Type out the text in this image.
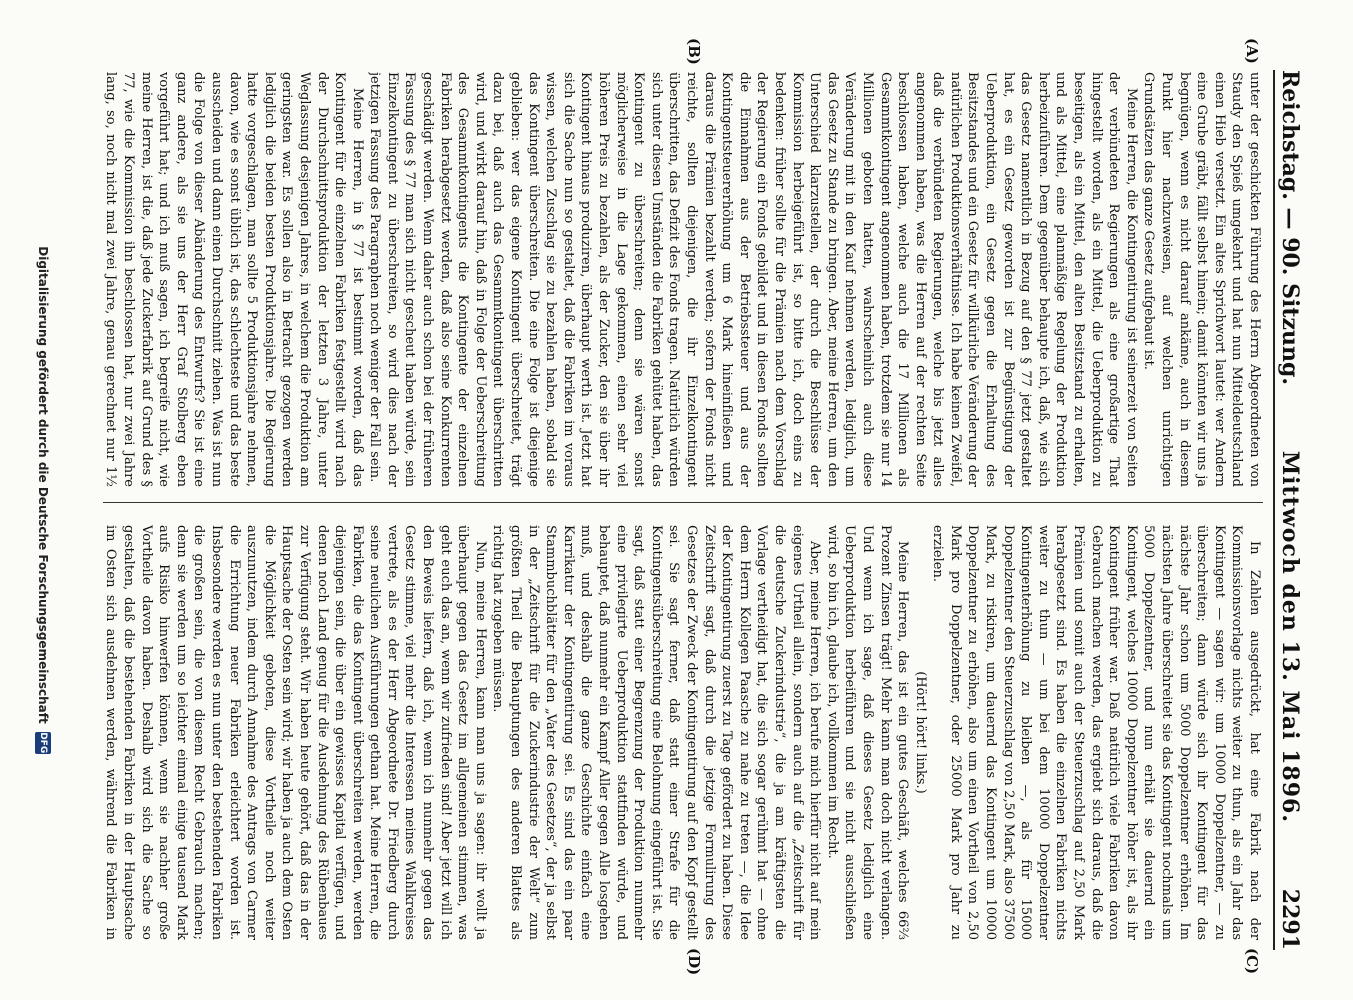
Reichstag. — 90. Sitzung.
Mittwoch den 13. Mai 1896.
2291
(A)
(B)
(C)
(D)

unter der geschickten Führung des Herrn Abgeordneten von Staudy den Spieß umgekehrt und hat nun Mitteldeutschland einen Hieb versetzt. Ein altes Sprichwort lautet: wer Andern eine Grube gräbt, fällt selbst hinein; damit könnten wir uns ja begnügen, wenn es nicht darauf ankäme, auch in diesem Punkt hier nachzuweisen, auf welchen unrichtigen Grundsätzen das ganze Gesetz aufgebaut ist.

Meine Herren, die Kontingentirung ist seinerzeit von Seiten der verbündeten Regierungen als eine großartige That hingestellt worden, als ein Mittel, die Ueberproduktion zu beseitigen, als ein Mittel, den alten Besitzstand zu erhalten, und als Mittel, eine planmäßige Regelung der Produktion herbeizuführen. Dem gegenüber behaupte ich, daß, wie sich das Gesetz namentlich in Bezug auf den § 77 jetzt gestaltet hat, es ein Gesetz geworden ist zur Begünstigung der Ueberproduktion, ein Gesetz gegen die Erhaltung des Besitzstandes und ein Gesetz für willkürliche Veränderung der natürlichen Produktionsverhältnisse. Ich habe keinen Zweifel, daß die verbündeten Regierungen, welche bis jetzt alles angenommen haben, was die Herren auf der rechten Seite beschlossen haben, welche auch die 17 Millionen als Gesammtkontingent angenommen haben, trotzdem sie nur 14 Millionen geboten hatten, wahrscheinlich auch diese Veränderung mit in den Kauf nehmen werden, lediglich, um das Gesetz zu Stande zu bringen. Aber, meine Herren, um den Unterschied klarzustellen, der durch die Beschlüsse der Kommission herbeigeführt ist, so bitte ich, doch eins zu bedenken: früher sollte für die Prämien nach dem Vorschlag der Regierung ein Fonds gebildet und in diesen Fonds sollten die Einnahmen aus der Betriebssteuer und aus der Kontingentsteuererhöhung um 6 Mark hineinfließen und daraus die Prämien bezahlt werden; sofern der Fonds nicht reichte, sollten diejenigen, die ihr Einzelkontingent überschritten, das Defizit des Fonds tragen. Natürlich würden sich unter diesen Umständen die Fabriken gehütet haben, das Kontingent zu überschreiten; denn sie wären sonst möglicherweise in die Lage gekommen, einen sehr viel höheren Preis zu bezahlen, als der Zucker, den sie über ihr Kontingent hinaus produziren, überhaupt werth ist. Jetzt hat sich die Sache nun so gestaltet, daß die Fabriken im voraus wissen, welchen Zuschlag sie zu bezahlen haben, sobald sie das Kontingent überschreiten. Die eine Folge ist diejenige geblieben: wer das eigene Kontingent überschreitet, trägt dazu bei, daß auch das Gesammtkontingent überschritten wird, und wirkt darauf hin, daß in Folge der Ueberschreitung des Gesammtkontingents die Kontingente der einzelnen Fabriken herabgesetzt werden, daß also seine Konkurrenten geschädigt werden. Wenn daher auch schon bei der früheren Fassung des § 77 man sich nicht gescheut haben würde, sein Einzelkontingent zu überschreiten, so wird dies nach der jetzigen Fassung des Paragraphen noch weniger der Fall sein.

Meine Herren, in § 77 ist bestimmt worden, daß das Kontingent für die einzelnen Fabriken festgestellt wird nach der Durchschnittsproduktion der letzten 3 Jahre, unter Weglassung desjenigen Jahres, in welchem die Produktion am geringsten war. Es sollen also in Betracht gezogen werden lediglich die beiden besten Produktionsjahre. Die Regierung hatte vorgeschlagen, man sollte 5 Produktionsjahre nehmen, davon, wie es sonst üblich ist, das schlechteste und das beste ausscheiden und dann einen Durchschnitt ziehen. Was ist nun die Folge von dieser Abänderung des Entwurfs? Sie ist eine ganz andere, als sie uns der Herr Graf Stolberg eben vorgeführt hat; und ich muß sagen, ich begreife nicht, wie meine Herren, ist die, daß jede Zuckerfabrik auf Grund des § 77, wie die Kommission ihn beschlossen hat, nur zwei Jahre lang, so, noch nicht mal zwei Jahre, genau gerechnet nur 1½

In Zahlen ausgedrückt, hat eine Fabrik nach der Kommissionsvorlage nichts weiter zu thun, als ein Jahr das Kontingent — sagen wir: um 10000 Doppelzentner, — zu überschreiten; dann würde sich ihr Kontingent für das nächste Jahr schon um 5000 Doppelzentner erhöhen. Im nächsten Jahre überschreitet sie das Kontingent nochmals um 5000 Doppelzentner, und nun erhält sie dauernd ein Kontingent, welches 10000 Doppelzentner höher ist, als ihr Kontingent früher war. Daß natürlich viele Fabriken davon Gebrauch machen werden, das ergiebt sich daraus, daß die Prämien und somit auch der Steuerzuschlag auf 2,50 Mark herabgesetzt sind. Es haben die einzelnen Fabriken nichts weiter zu thun — um bei dem 10000 Doppelzentner Kontingenterhöhung zu bleiben —, als für 15000 Doppelzentner den Steuerzuschlag von 2,50 Mark, also 37500 Mark, zu riskiren, um dauernd das Kontingent um 10000 Doppelzentner zu erhöhen, also um einen Vortheil von 2,50 Mark pro Doppelzentner, oder 25000 Mark pro Jahr zu erzielen.

(Hört! hört! links.)

Meine Herren, das ist ein gutes Geschäft, welches 66⅔ Prozent Zinsen trägt! Mehr kann man doch nicht verlangen. Und wenn ich sage, daß dieses Gesetz lediglich eine Ueberproduktion herbeiführen und sie nicht ausschließen wird, so bin ich, glaube ich, vollkommen im Recht.

Aber, meine Herren, ich berufe mich hierfür nicht auf mein eigenes Urtheil allein, sondern auch auf die „Zeitschrift für die deutsche Zuckerindustrie“, die ja am kräftigsten die Vorlage vertheidigt hat, die sich sogar gerühmt hat — ohne dem Herrn Kollegen Paasche zu nahe zu treten —, die Idee der Kontingentirung zuerst zu Tage gefördert zu haben. Diese Zeitschrift sagt, daß durch die jetzige Formulirung des Gesetzes der Zweck der Kontingentirung auf den Kopf gestellt sei. Sie sagt ferner, daß statt einer Strafe für die Kontingentsüberschreitung eine Belohnung eingeführt ist. Sie sagt, daß statt einer Begrenzung der Produktion nunmehr eine privilegirte Ueberproduktion stattfinden würde, und behauptet, daß nunmehr ein Kampf Aller gegen Alle losgehen muß, und deshalb die ganze Geschichte einfach eine Karrikatur der Kontingentirung sei. Es sind das ein paar Stammbuchblätter für den „Vater des Gesetzes“, der ja selbst in der „Zeitschrift für die Zuckerindustrie der Welt“ zum größten Theil die Behauptungen des anderen Blattes als richtig hat zugeben müssen.

Nun, meine Herren, kann man uns ja sagen: ihr wollt ja überhaupt gegen das Gesetz im allgemeinen stimmen, was geht euch das an, wenn wir zufrieden sind! Aber jetzt will ich den Beweis liefern, daß ich, wenn ich nunmehr gegen das Gesetz stimme, viel mehr die Interessen meines Wahlkreises vertrete, als es der Herr Abgeordnete Dr. Friedberg durch seine neulichen Ausführungen gethan hat. Meine Herren, die Fabriken, die das Kontingent überschreiten werden, werden diejenigen sein, die über ein gewisses Kapital verfügen, und denen noch Land genug für die Ausdehnung des Rübenbaues zur Verfügung steht. Wir haben heute gehört, daß das in der Hauptsache der Osten sein wird; wir haben ja auch dem Osten die Möglichkeit geboten, diese Vortheile noch weiter auszunutzen, indem durch Annahme des Antrags von Carmer die Errichtung neuer Fabriken erleichtert worden ist. Insbesondere werden es nun unter den bestehenden Fabriken die großen sein, die von diesem Recht Gebrauch machen; denn sie werden um so leichter einmal einige tausend Mark aufs Risiko hinwerfen können, wenn sie nachher große Vortheile davon haben. Deshalb wird sich die Sache so gestalten, daß die bestehenden Fabriken in der Hauptsache im Osten sich ausdehnen werden, während die Fabriken in

Digitalisierung gefördert durch die Deutsche Forschungsgemeinschaft
DFG
